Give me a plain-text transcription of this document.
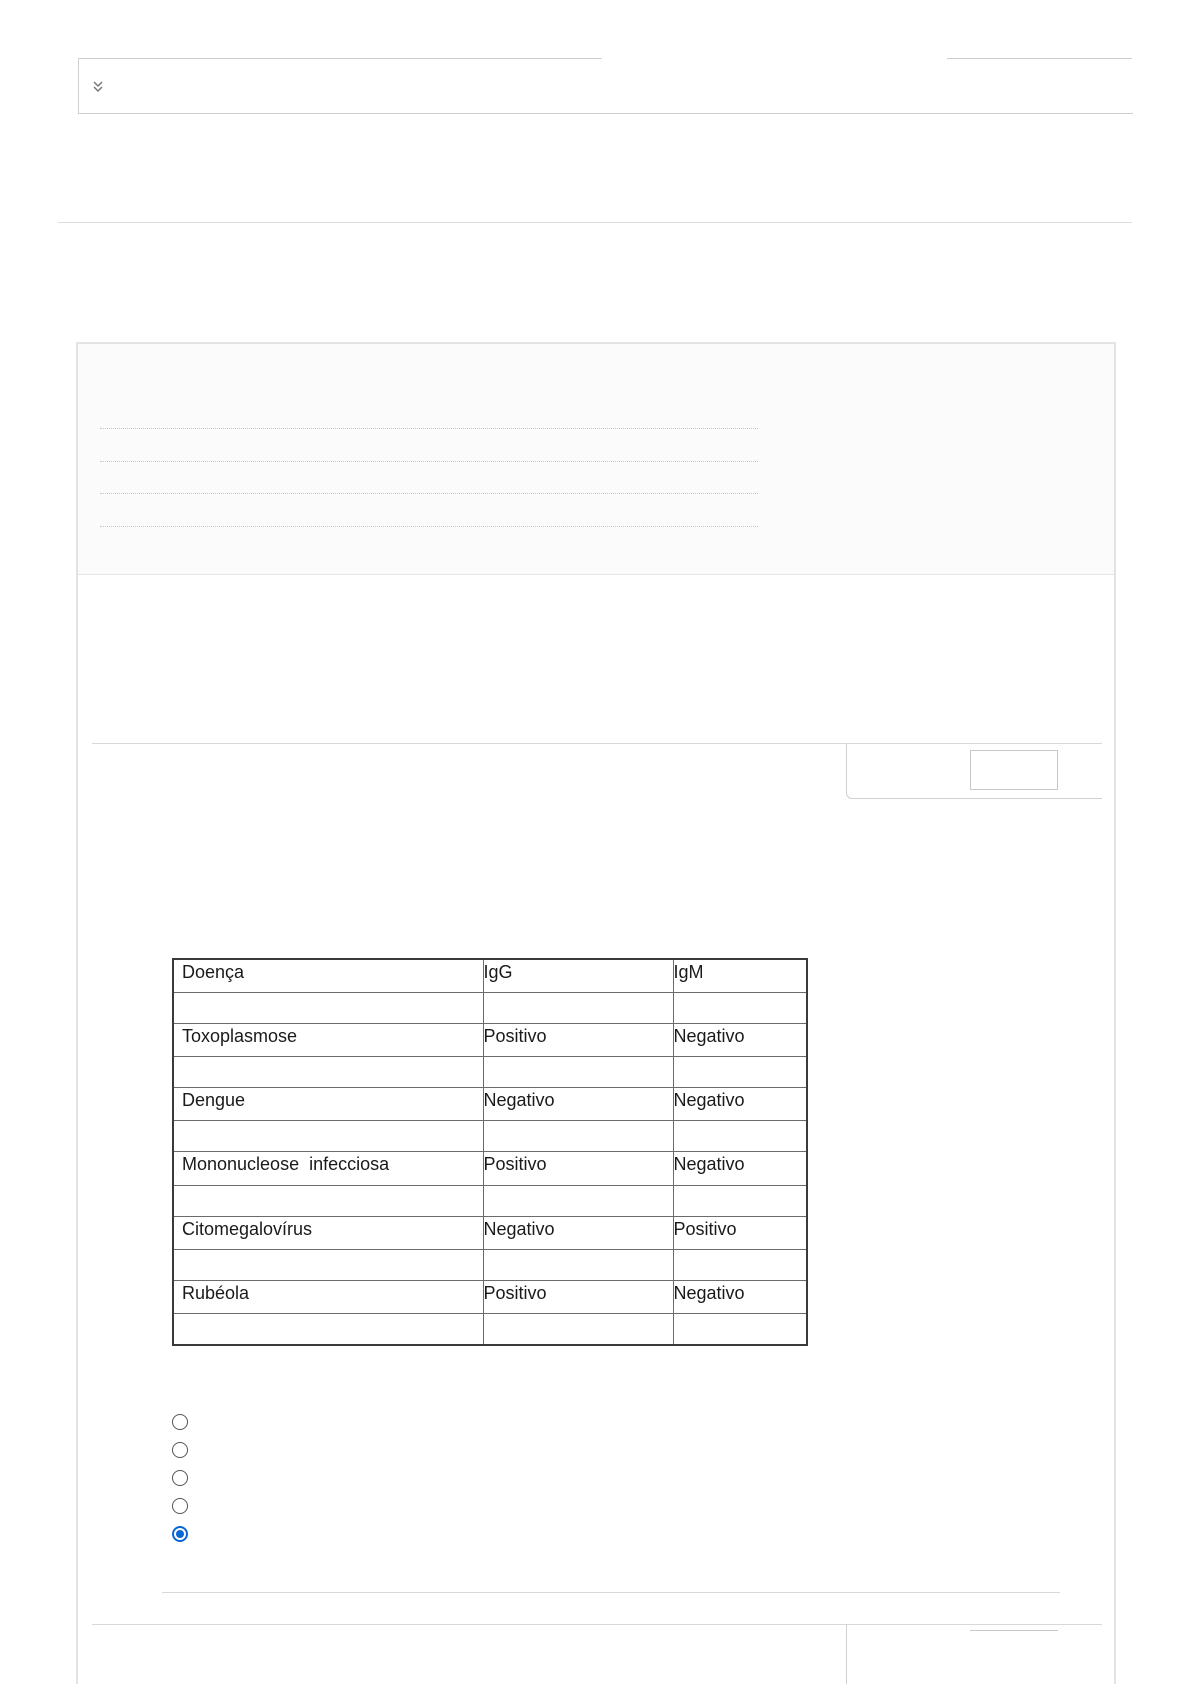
Doença	IgG	IgM

Toxoplasmose	Positivo	Negativo

Dengue	Negativo	Negativo

Mononucleose  infecciosa	Positivo	Negativo

Citomegalovírus	Negativo	Positivo

Rubéola	Positivo	Negativo
